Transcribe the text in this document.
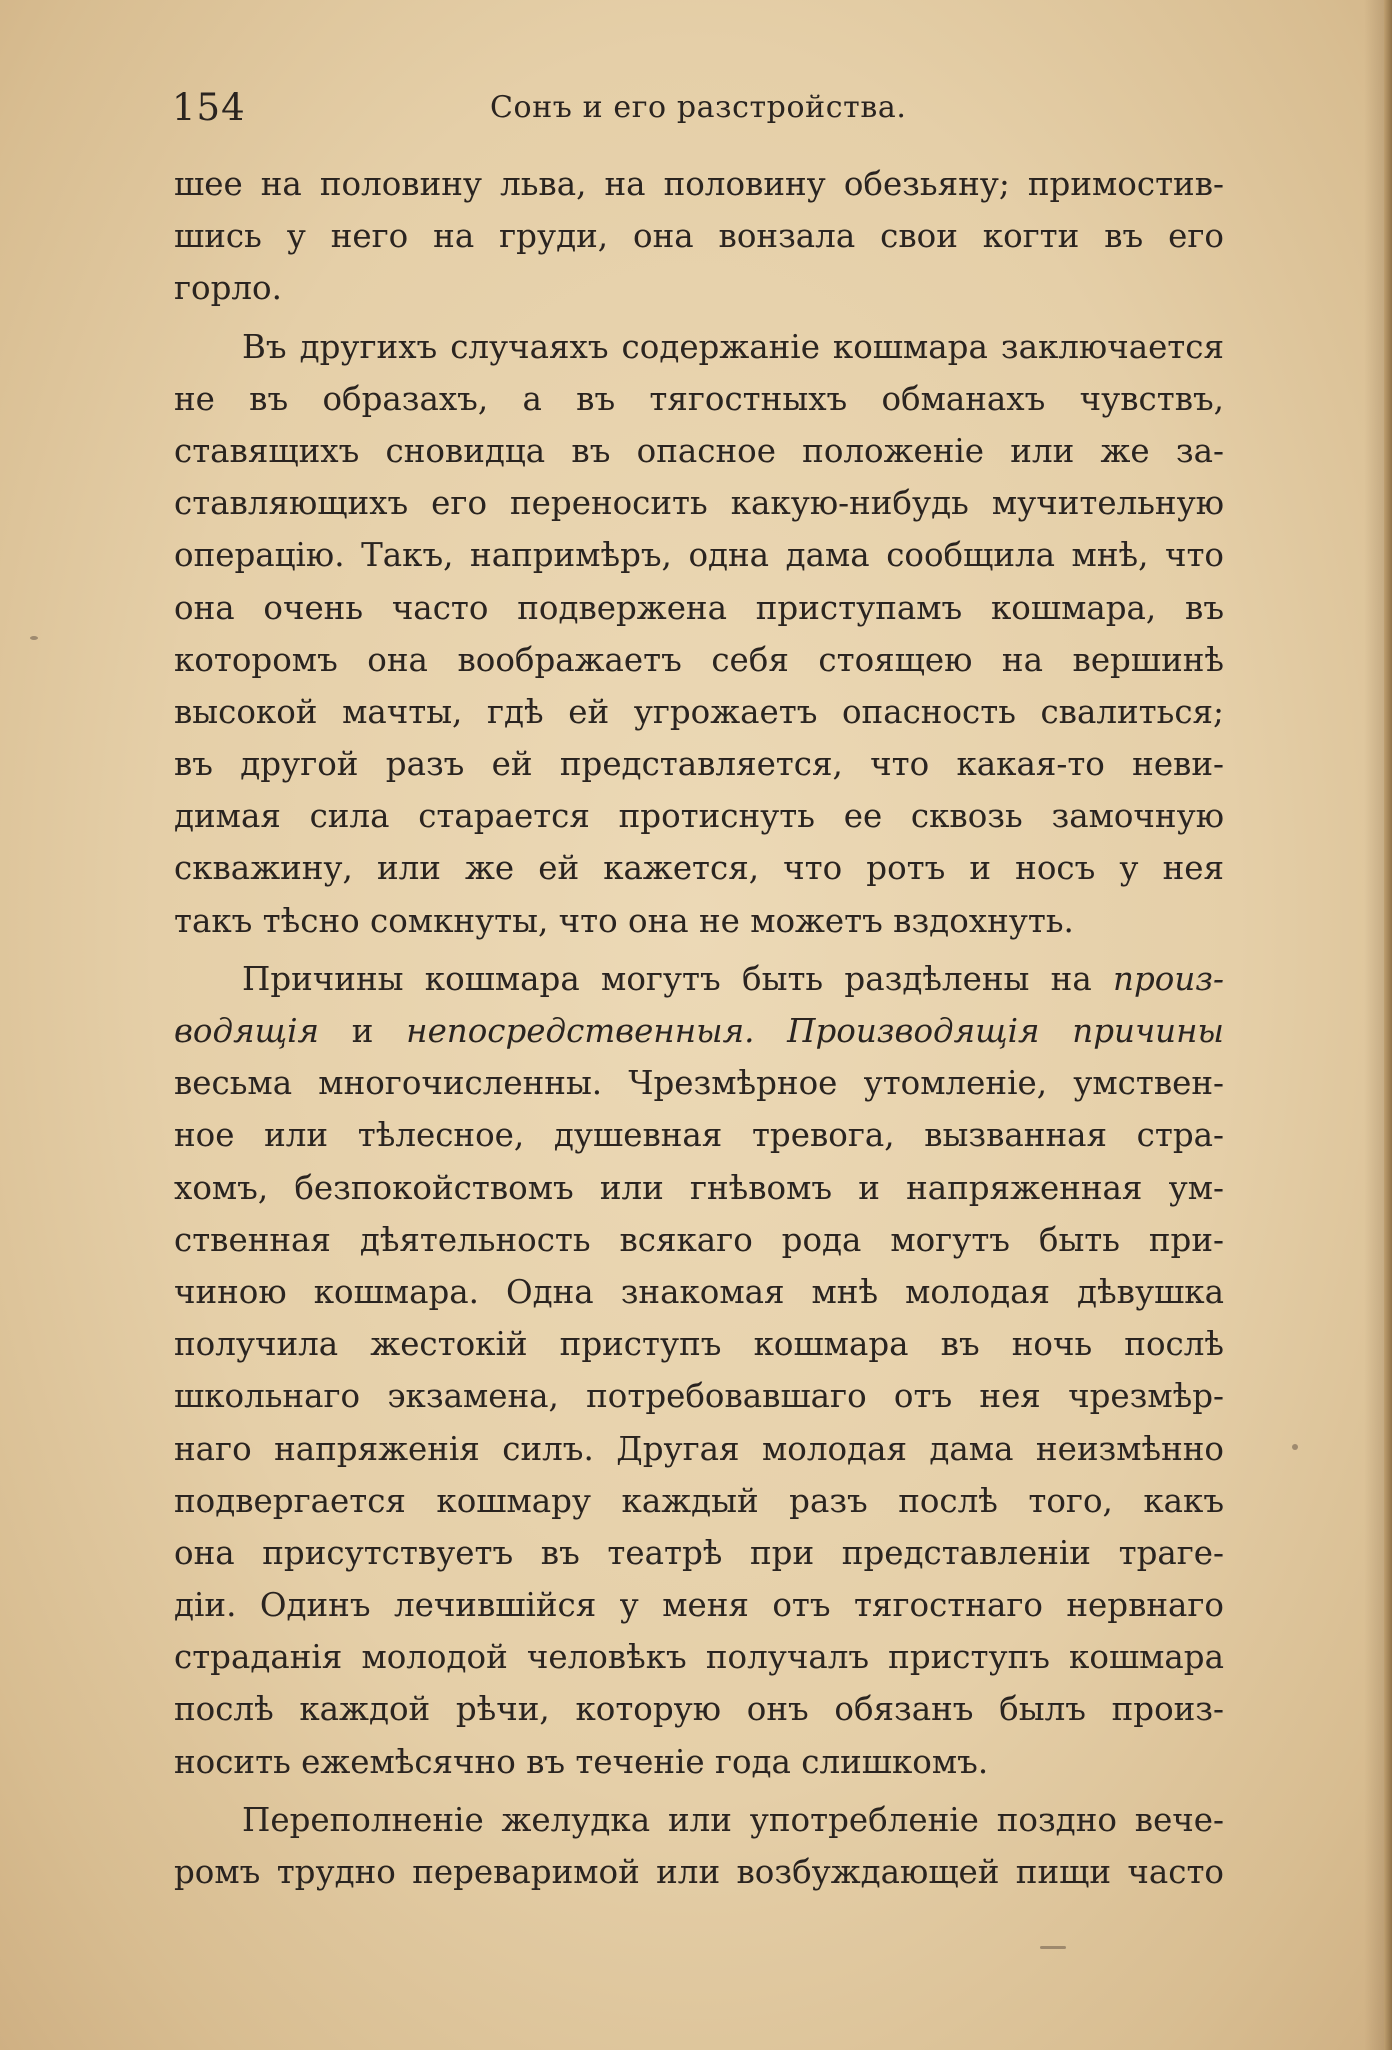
154	Сонъ и его разстройства.
шее на половину льва, на половину обезьяну; примостив-
шись у него на груди, она вонзала свои когти въ его
горло.
Въ другихъ случаяхъ содержаніе кошмара заключается
не въ образахъ, а въ тягостныхъ обманахъ чувствъ,
ставящихъ сновидца въ опасное положеніе или же за-
ставляющихъ его переносить какую-нибудь мучительную
операцію. Такъ, напримѣръ, одна дама сообщила мнѣ, что
она очень часто подвержена приступамъ кошмара, въ
которомъ она воображаетъ себя стоящею на вершинѣ
высокой мачты, гдѣ ей угрожаетъ опасность свалиться;
въ другой разъ ей представляется, что какая-то неви-
димая сила старается протиснуть ее сквозь замочную
скважину, или же ей кажется, что ротъ и носъ у нея
такъ тѣсно сомкнуты, что она не можетъ вздохнуть.
Причины кошмара могутъ быть раздѣлены на произ-
водящія и непосредственныя. Производящія причины
весьма многочисленны. Чрезмѣрное утомленіе, умствен-
ное или тѣлесное, душевная тревога, вызванная стра-
хомъ, безпокойствомъ или гнѣвомъ и напряженная ум-
ственная дѣятельность всякаго рода могутъ быть при-
чиною кошмара. Одна знакомая мнѣ молодая дѣвушка
получила жестокій приступъ кошмара въ ночь послѣ
школьнаго экзамена, потребовавшаго отъ нея чрезмѣр-
наго напряженія силъ. Другая молодая дама неизмѣнно
подвергается кошмару каждый разъ послѣ того, какъ
она присутствуетъ въ театрѣ при представленіи траге-
діи. Одинъ лечившійся у меня отъ тягостнаго нервнаго
страданія молодой человѣкъ получалъ приступъ кошмара
послѣ каждой рѣчи, которую онъ обязанъ былъ произ-
носить ежемѣсячно въ теченіе года слишкомъ.
Переполненіе желудка или употребленіе поздно вече-
ромъ трудно переваримой или возбуждающей пищи часто
